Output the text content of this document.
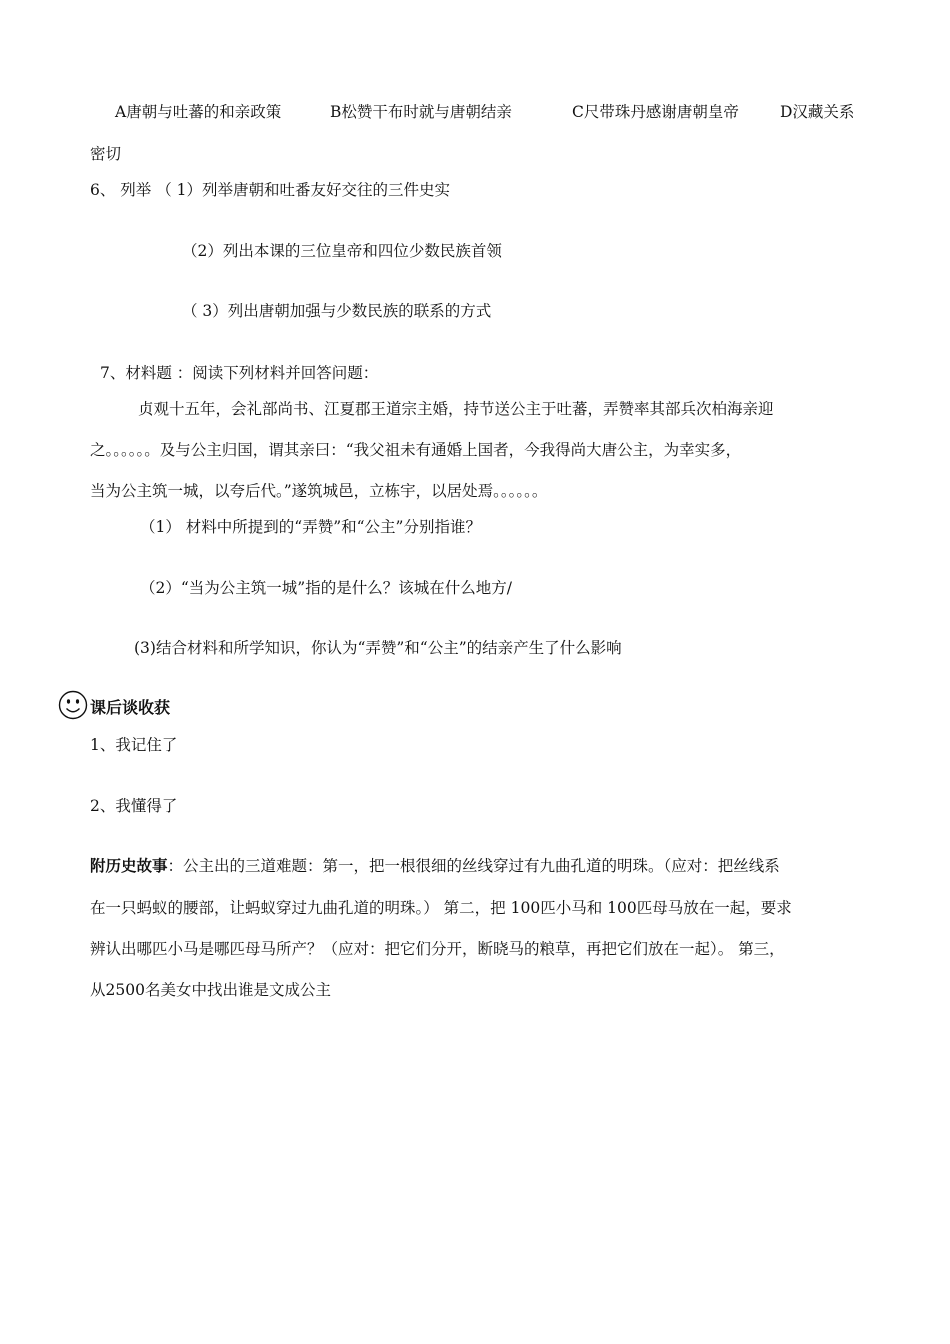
A唐朝与吐蕃的和亲政策	B松赞干布时就与唐朝结亲	C尺带珠丹感谢唐朝皇帝	D汉藏关系

密切

6、 列举 （ 1）列举唐朝和吐番友好交往的三件史实

（2）列出本课的三位皇帝和四位少数民族首领

（ 3）列出唐朝加强与少数民族的联系的方式

7、材料题 ：阅读下列材料并回答问题：

贞观十五年，会礼部尚书、江夏郡王道宗主婚，持节送公主于吐蕃，弄赞率其部兵次柏海亲迎

之。。。。。。及与公主归国，谓其亲曰：“我父祖未有通婚上国者，今我得尚大唐公主，为幸实多，

当为公主筑一城，以夸后代。”遂筑城邑，立栋宇，以居处焉。。。。。。

（1） 材料中所提到的“弄赞”和“公主”分别指谁？

（2）“当为公主筑一城”指的是什么？该城在什么地方/

(3)结合材料和所学知识，你认为“弄赞”和“公主”的结亲产生了什么影响

课后谈收获

1、我记住了

2、我懂得了

附历史故事：公主出的三道难题：第一，把一根很细的丝线穿过有九曲孔道的明珠。（应对：把丝线系

在一只蚂蚁的腰部，让蚂蚁穿过九曲孔道的明珠。） 第二，把 100匹小马和 100匹母马放在一起，要求

辨认出哪匹小马是哪匹母马所产？（应对：把它们分开，断晓马的粮草，再把它们放在一起）。 第三，

从2500名美女中找出谁是文成公主
